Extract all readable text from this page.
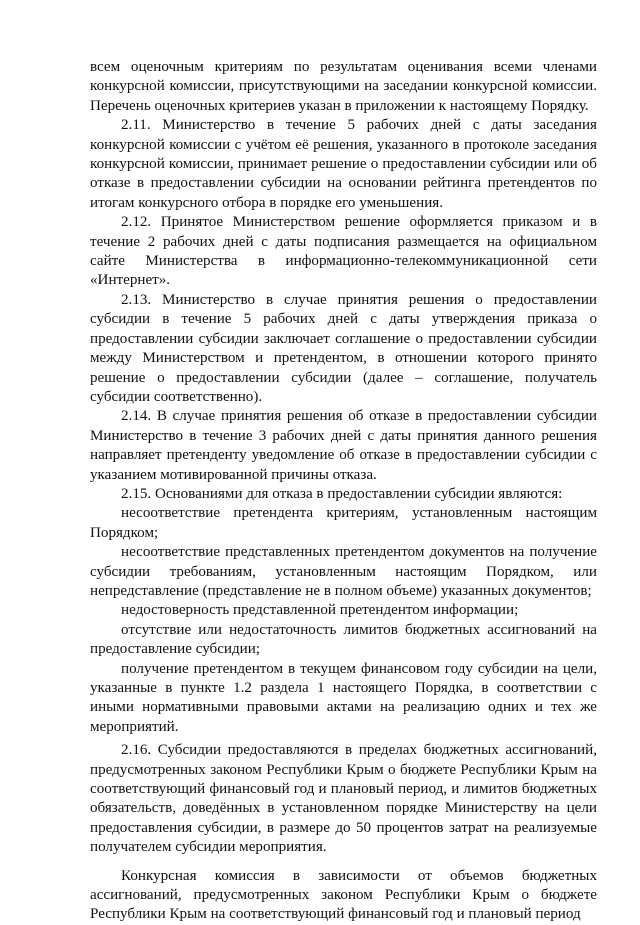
всем оценочным критериям по результатам оценивания всеми членами конкурсной комиссии, присутствующими на заседании конкурсной комиссии. Перечень оценочных критериев указан в приложении к настоящему Порядку.

2.11. Министерство в течение 5 рабочих дней с даты заседания конкурсной комиссии с учётом её решения, указанного в протоколе заседания конкурсной комиссии, принимает решение о предоставлении субсидии или об отказе в предоставлении субсидии на основании рейтинга претендентов по итогам конкурсного отбора в порядке его уменьшения.

2.12. Принятое Министерством решение оформляется приказом и в течение 2 рабочих дней с даты подписания размещается на официальном сайте Министерства в информационно-телекоммуникационной сети «Интернет».

2.13. Министерство в случае принятия решения о предоставлении субсидии в течение 5 рабочих дней с даты утверждения приказа о предоставлении субсидии заключает соглашение о предоставлении субсидии между Министерством и претендентом, в отношении которого принято решение о предоставлении субсидии (далее – соглашение, получатель субсидии соответственно).

2.14. В случае принятия решения об отказе в предоставлении субсидии Министерство в течение 3 рабочих дней с даты принятия данного решения направляет претенденту уведомление об отказе в предоставлении субсидии с указанием мотивированной причины отказа.

2.15. Основаниями для отказа в предоставлении субсидии являются:

несоответствие претендента критериям, установленным настоящим Порядком;

несоответствие представленных претендентом документов на получение субсидии требованиям, установленным настоящим Порядком, или непредставление (представление не в полном объеме) указанных документов;

недостоверность представленной претендентом информации;

отсутствие или недостаточность лимитов бюджетных ассигнований на предоставление субсидии;

получение претендентом в текущем финансовом году субсидии на цели, указанные в пункте 1.2 раздела 1 настоящего Порядка, в соответствии с иными нормативными правовыми актами на реализацию одних и тех же мероприятий.

2.16. Субсидии предоставляются в пределах бюджетных ассигнований, предусмотренных законом Республики Крым о бюджете Республики Крым на соответствующий финансовый год и плановый период, и лимитов бюджетных обязательств, доведённых в установленном порядке Министерству на цели предоставления субсидии, в размере до 50 процентов затрат на реализуемые получателем субсидии мероприятия.

Конкурсная комиссия в зависимости от объемов бюджетных ассигнований, предусмотренных законом Республики Крым о бюджете Республики Крым на соответствующий финансовый год и плановый период
